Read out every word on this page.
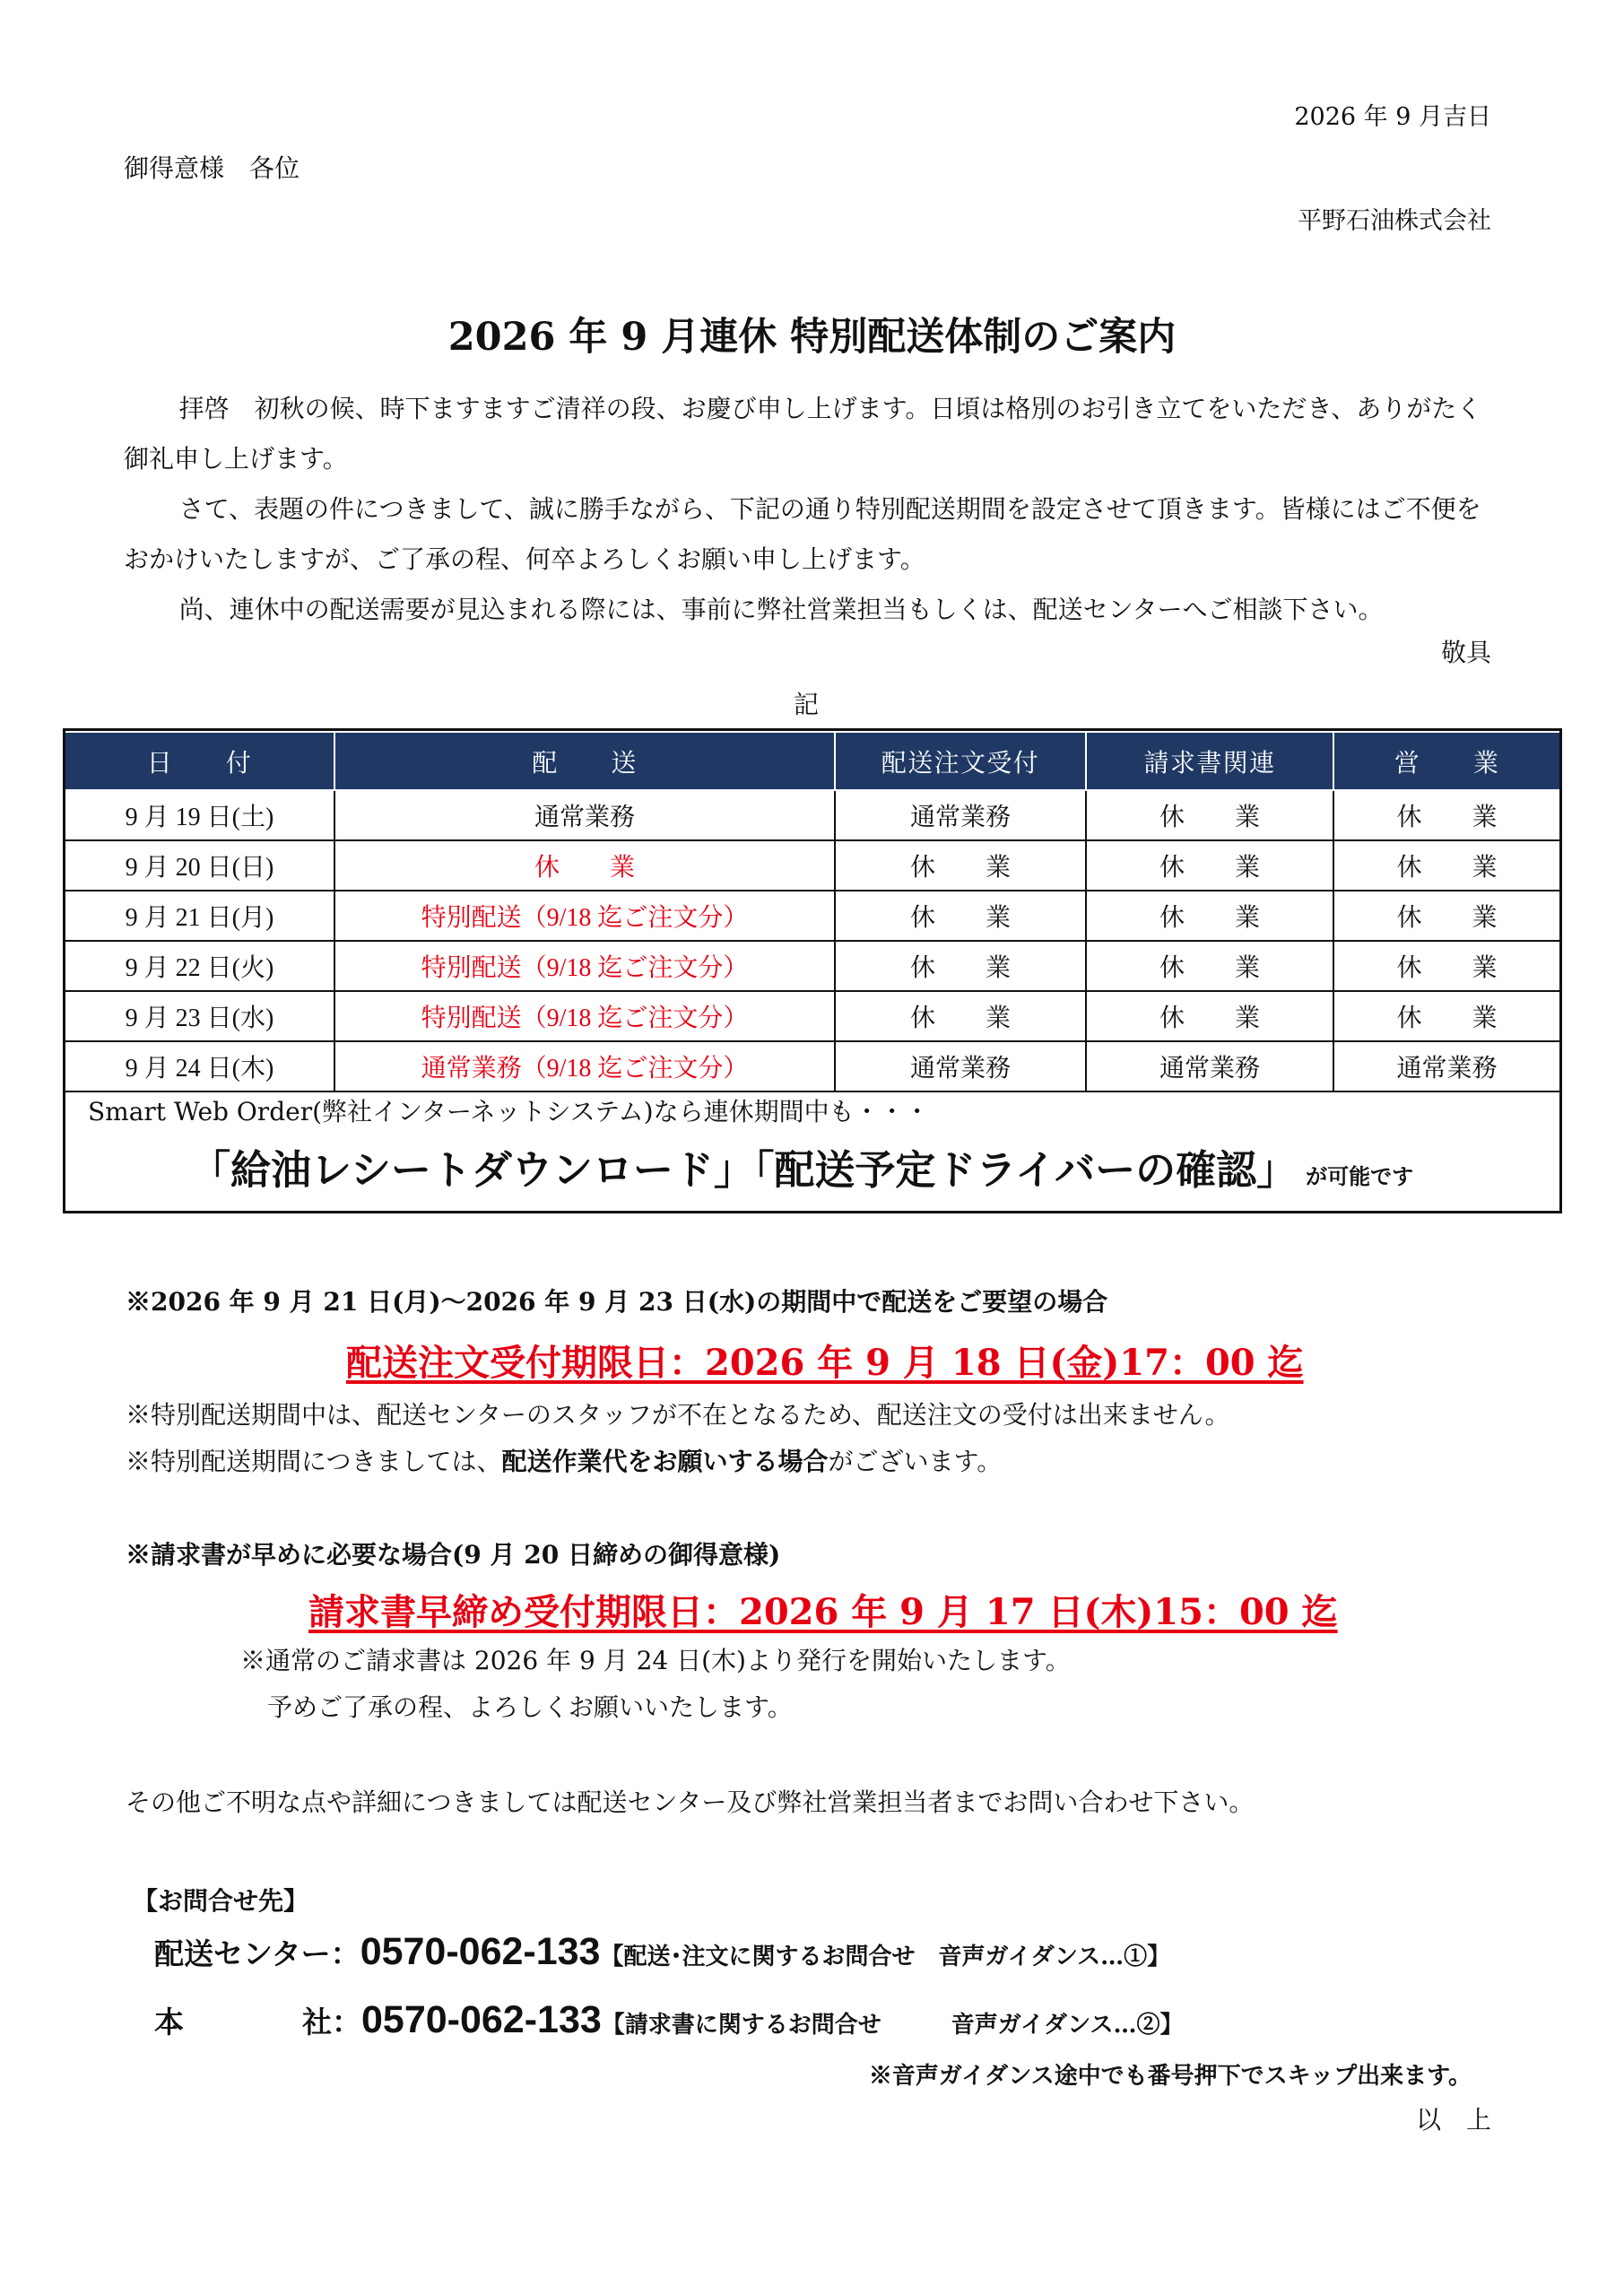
2026 年 9 月吉日
御得意様　各位
平野石油株式会社
2026 年 9 月連休 特別配送体制のご案内
拝啓　初秋の候、時下ますますご清祥の段、お慶び申し上げます。日頃は格別のお引き立てをいただき、ありがたく御礼申し上げます。
さて、表題の件につきまして、誠に勝手ながら、下記の通り特別配送期間を設定させて頂きます。皆様にはご不便をおかけいたしますが、ご了承の程、何卒よろしくお願い申し上げます。
尚、連休中の配送需要が見込まれる際には、事前に弊社営業担当もしくは、配送センターへご相談下さい。
敬具
記
日　　付	配　　送	配送注文受付	請求書関連	営　　業
9 月 19 日(土)	通常業務	通常業務	休　　業	休　　業
9 月 20 日(日)	休　　業	休　　業	休　　業	休　　業
9 月 21 日(月)	特別配送（9/18 迄ご注文分）	休　　業	休　　業	休　　業
9 月 22 日(火)	特別配送（9/18 迄ご注文分）	休　　業	休　　業	休　　業
9 月 23 日(水)	特別配送（9/18 迄ご注文分）	休　　業	休　　業	休　　業
9 月 24 日(木)	通常業務（9/18 迄ご注文分）	通常業務	通常業務	通常業務
Smart Web Order(弊社インターネットシステム)なら連休期間中も・・・
「給油レシートダウンロード」「配送予定ドライバーの確認」 が可能です
※2026 年 9 月 21 日(月)～2026 年 9 月 23 日(水)の期間中で配送をご要望の場合
配送注文受付期限日：2026 年 9 月 18 日(金)17：00 迄
※特別配送期間中は、配送センターのスタッフが不在となるため、配送注文の受付は出来ません。
※特別配送期間につきましては、配送作業代をお願いする場合がございます。
※請求書が早めに必要な場合(9 月 20 日締めの御得意様)
請求書早締め受付期限日：2026 年 9 月 17 日(木)15：00 迄
※通常のご請求書は 2026 年 9 月 24 日(木)より発行を開始いたします。
予めご了承の程、よろしくお願いいたします。
その他ご不明な点や詳細につきましては配送センター及び弊社営業担当者までお問い合わせ下さい。
【お問合せ先】
配送センター：0570-062-133【配送･注文に関するお問合せ　音声ガイダンス…①】
本　　　　社：0570-062-133【請求書に関するお問合せ　　　音声ガイダンス…②】
※音声ガイダンス途中でも番号押下でスキップ出来ます。
以　上
